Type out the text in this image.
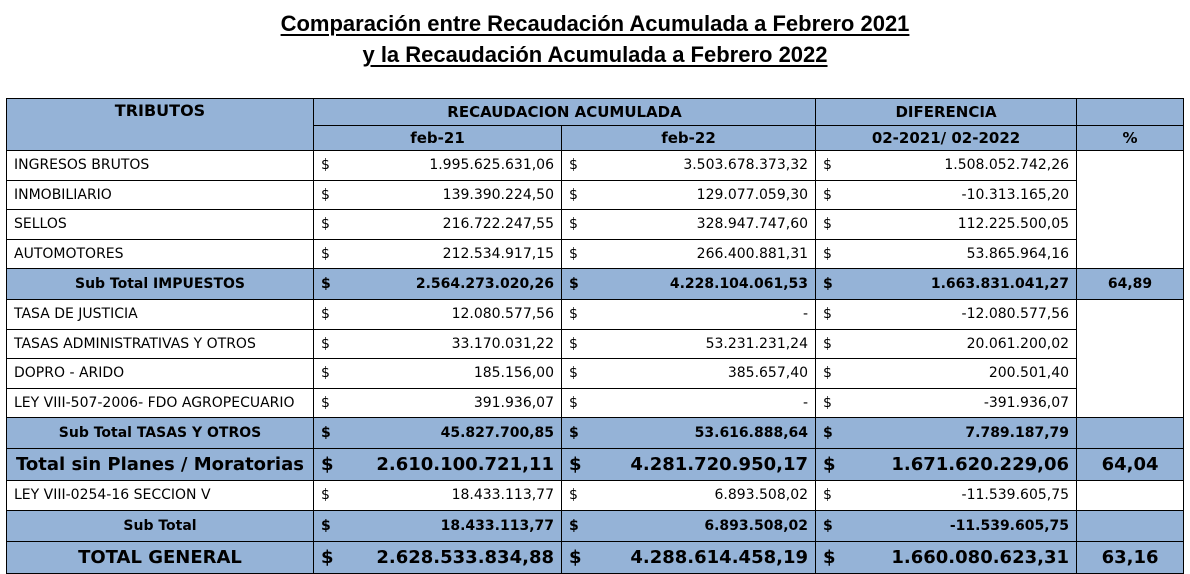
Comparación entre Recaudación Acumulada a Febrero 2021
y la Recaudación Acumulada a Febrero 2022
TRIBUTOS	RECAUDACION ACUMULADA				DIFERENCIA		
	feb-21		feb-22		02-2021/ 02-2022		%
INGRESOS BRUTOS	$	1.995.625.631,06	$	3.503.678.373,32	$	1.508.052.742,26	
INMOBILIARIO	$	139.390.224,50	$	129.077.059,30	$	-10.313.165,20	
SELLOS	$	216.722.247,55	$	328.947.747,60	$	112.225.500,05	
AUTOMOTORES	$	212.534.917,15	$	266.400.881,31	$	53.865.964,16	
Sub Total IMPUESTOS	$	2.564.273.020,26	$	4.228.104.061,53	$	1.663.831.041,27	64,89
TASA DE JUSTICIA	$	12.080.577,56	$	-	$	-12.080.577,56	
TASAS ADMINISTRATIVAS Y OTROS	$	33.170.031,22	$	53.231.231,24	$	20.061.200,02	
DOPRO - ARIDO	$	185.156,00	$	385.657,40	$	200.501,40	
LEY VIII-507-2006- FDO AGROPECUARIO	$	391.936,07	$	-	$	-391.936,07	
Sub Total TASAS Y OTROS	$	45.827.700,85	$	53.616.888,64	$	7.789.187,79	
Total sin Planes / Moratorias	$	2.610.100.721,11	$	4.281.720.950,17	$	1.671.620.229,06	64,04
LEY VIII-0254-16 SECCION V	$	18.433.113,77	$	6.893.508,02	$	-11.539.605,75	
Sub Total	$	18.433.113,77	$	6.893.508,02	$	-11.539.605,75	
TOTAL GENERAL	$	2.628.533.834,88	$	4.288.614.458,19	$	1.660.080.623,31	63,16
